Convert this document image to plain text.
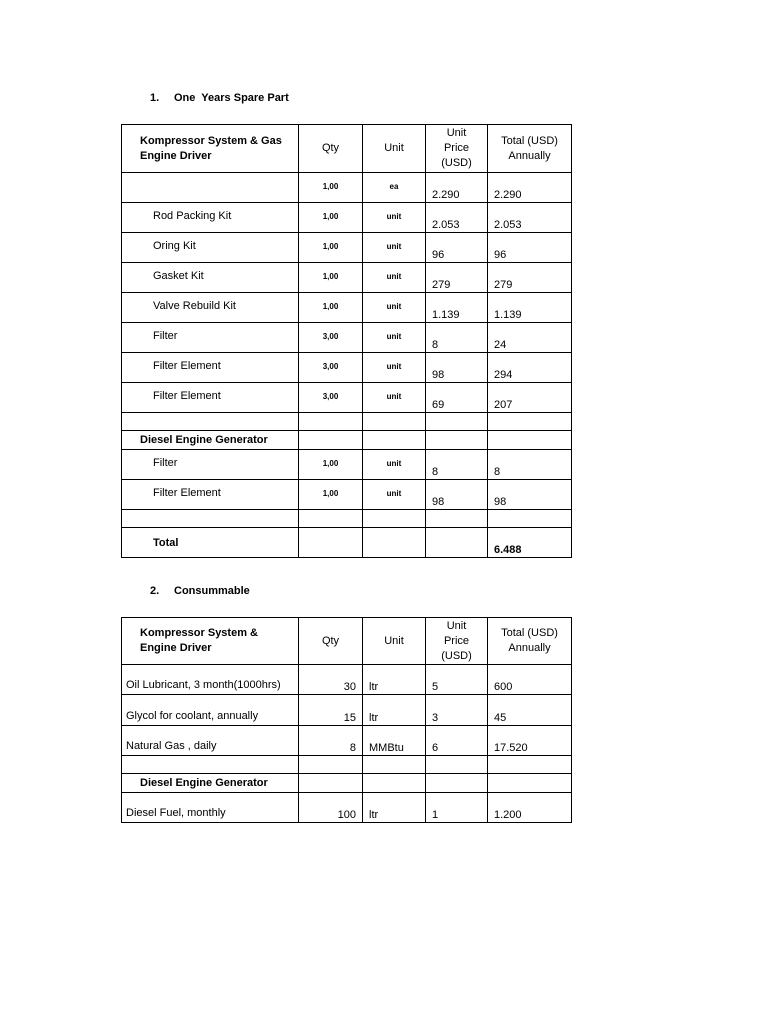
1. One  Years Spare Part
Kompressor System & Gas Engine Driver	Qty	Unit	Unit Price (USD)	Total (USD) Annually
	1,00	ea	2.290	2.290
Rod Packing Kit	1,00	unit	2.053	2.053
Oring Kit	1,00	unit	96	96
Gasket Kit	1,00	unit	279	279
Valve Rebuild Kit	1,00	unit	1.139	1.139
Filter	3,00	unit	8	24
Filter Element	3,00	unit	98	294
Filter Element	3,00	unit	69	207

Diesel Engine Generator				
Filter	1,00	unit	8	8
Filter Element	1,00	unit	98	98

Total				6.488
2. Consummable
Kompressor System & Engine Driver	Qty	Unit	Unit Price (USD)	Total (USD) Annually
Oil Lubricant, 3 month(1000hrs)	30	ltr	5	600
Glycol for coolant, annually	15	ltr	3	45
Natural Gas , daily	8	MMBtu	6	17.520

Diesel Engine Generator				
Diesel Fuel, monthly	100	ltr	1	1.200
